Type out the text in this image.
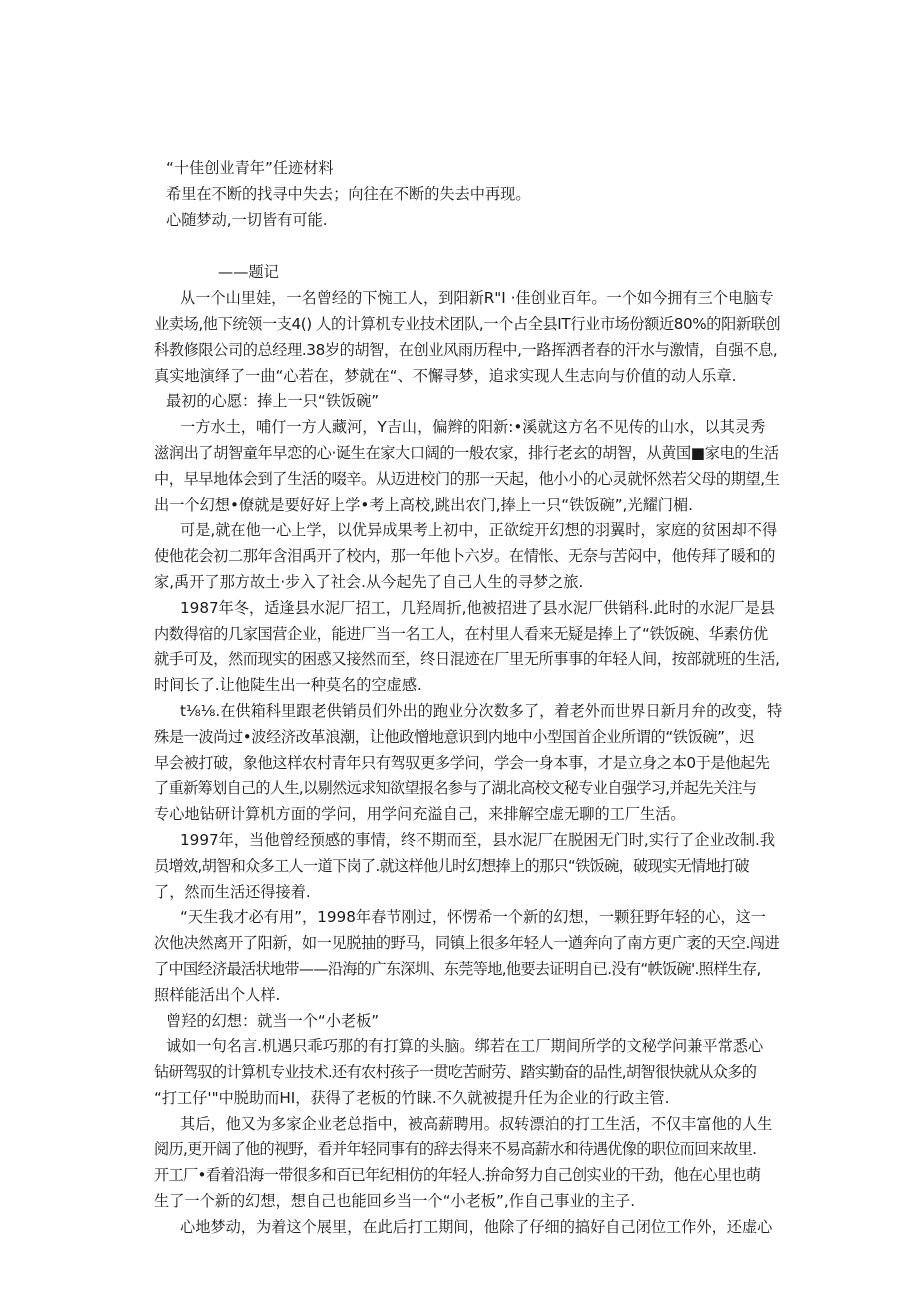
“十佳创业青年”任迹材料
希里在不断的找寻中失去；向往在不断的失去中再现。
心随梦动,一切皆有可能.
——题记
从一个山里娃，一名曾经的下惋工人，到阳新R"I ·佳创业百年。一个如今拥有三个电脑专
业卖场,他下统领一支4() 人的计算机专业技术团队,一个占全县IT行业市场份额近80%的阳新联创
科教修限公司的总经理.38岁的胡智，在创业风雨历程中,一路挥洒者春的汗水与激情，自强不息,
真实地演绎了一曲“心若在，梦就在“、不懈寻梦，追求实现人生志向与价值的动人乐章.
最初的心愿：捧上一只“铁饭碗”
一方水土，哺仃一方人藏河，Y吉山，偏辫的阳新:•溪就这方名不见传的山水，以其灵秀
滋润出了胡智童年早恋的心·诞生在家大口阔的一般农家，排行老玄的胡智，从黄国■家电的生活
中，早早地体会到了生活的啜辛。从迈进校门的那一天起，他小小的心灵就怀然若父母的期望,生
出一个幻想•僚就是要好好上学•考上高校,跳出农门,捧上一只“铁饭碗”,光耀门楣.
可是,就在他一心上学，以优异成果考上初中，正欲绽开幻想的羽翼时，家庭的贫困却不得
使他花会初二那年含泪禹开了校内，那一年他卜六岁。在情怅、无奈与苦闷中，他传拜了暖和的
家,禹开了那方故土·步入了社会.从今起先了自己人生的寻梦之旅.
1987年冬，适逢县水泥厂招工，几羟周折,他被招进了县水泥厂供销科.此时的水泥厂是县
内数得宿的几家国营企业，能进厂当一名工人，在村里人看来无疑是捧上了“铁饭碗、华素仿优
就手可及，然而现实的困惑又接然而至，终日混迹在厂里无所事事的年轻人间，按部就班的生活,
时间长了.让他陡生出一种莫名的空虚感.
t⅛⅛.在供箱科里跟老供销员们外出的跑业分次数多了，着老外而世界日新月弁的改变，特
殊是一波尚过•波经济改革浪潮，让他政憎地意识到内地中小型国首企业所谓的“铁饭碗”，迟
早会被打破，象他这样农村青年只有驾驭更多学问，学会一身本事，才是立身之本0于是他起先
了重新筹划自己的人生,以剔然远求知欲望报名参与了湖北高校文秘专业自强学习,并起先关注与
专心地钻研计算机方面的学问，用学问充溢自己，来排解空虚无聊的工厂生活。
1997年，当他曾经预感的事情，终不期而至，县水泥厂在脱困无门时,实行了企业改制.我
员增效,胡智和众多工人一道下岗了.就这样他儿时幻想捧上的那只“铁饭碗，破现实无情地打破
了，然而生活还得接着.
“天生我才必有用”，1998年春节刚过，怀愣希一个新的幻想，一颗狂野年轻的心，这一
次他决然离开了阳新，如一见脱抽的野马，同镇上很多年轻人一遒奔向了南方更广袤的天空.闯进
了中国经济最活状地带——沿海的广东深圳、东莞等地,他要去证明自已.没有“帙饭碗'.照样生存,
照样能活出个人样.
曾羟的幻想：就当一个“小老板”
诚如一句名言.机遇只乖巧那的有打算的头脑。绑若在工厂期间所学的文秘学问兼平常悉心
钻研驾驭的计算机专业技术.还有农村孩子一贯吃苦耐劳、踏实勤奋的品性,胡智很快就从众多的
“打工仔'"中脱助而HI，获得了老板的竹睐.不久就被提升任为企业的行政主管.
其后，他又为多家企业老总指中，被高薪聘用。叔转漂泊的打工生活，不仅丰富他的人生
阅历,更开阔了他的视野，看并年轻同事有的辞去得来不易高薪水和待遇优像的职位而回来故里.
开工厂•看着沿海一带很多和百已年纪相仿的年轻人.拚命努力自己创实业的干劲，他在心里也萌
生了一个新的幻想，想自己也能回乡当一个“小老板”,作自己事业的主子.
心地梦动，为着这个展里，在此后打工期间，他除了仔细的搞好自己闭位工作外，还虚心
